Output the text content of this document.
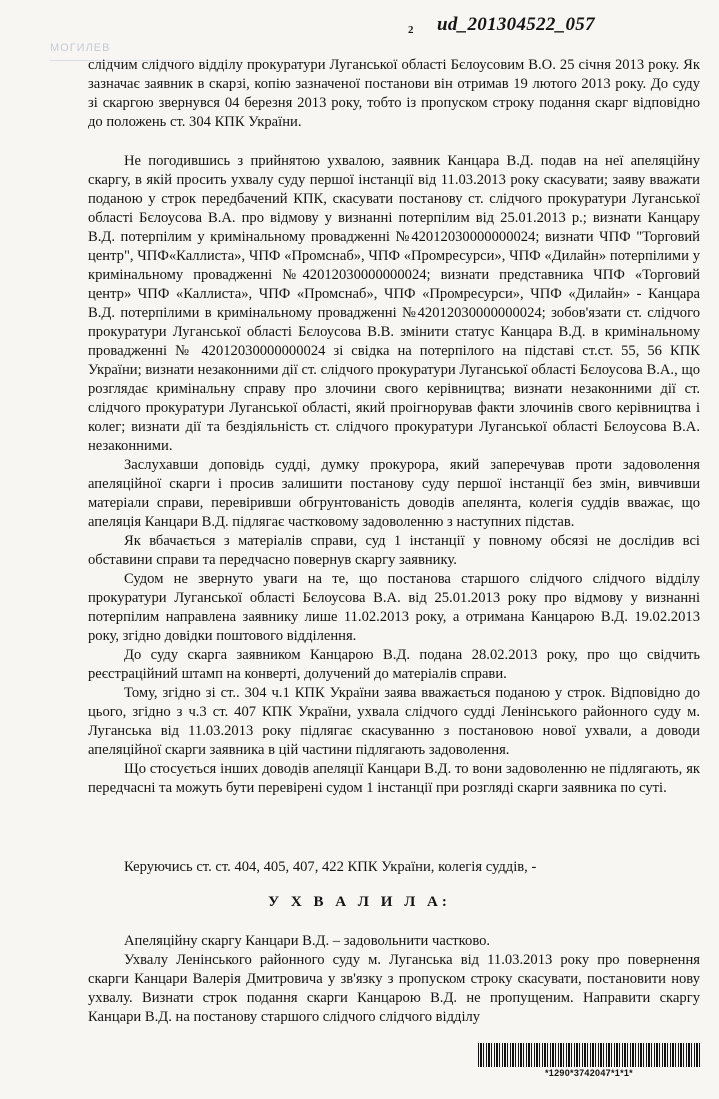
МОГИЛЕВ
2 ud_201304522_057

слідчим слідчого відділу прокуратури Луганської області Бєлоусовим В.О. 25 січня 2013 року. Як зазначає заявник в скарзі, копію зазначеної постанови він отримав 19 лютого 2013 року. До суду зі скаргою звернувся 04 березня 2013 року, тобто із пропуском строку подання скарг відповідно до положень ст. 304 КПК України.

Не погодившись з прийнятою ухвалою, заявник Канцара В.Д. подав на неї апеляційну скаргу, в якій просить ухвалу суду першої інстанції від 11.03.2013 року скасувати; заяву вважати поданою у строк передбачений КПК, скасувати постанову ст. слідчого прокуратури Луганської області Бєлоусова В.А. про відмову у визнанні потерпілим від 25.01.2013 р.; визнати Канцару В.Д. потерпілим у кримінальному провадженні №42012030000000024; визнати ЧПФ "Торговий центр", ЧПФ«Каллиста», ЧПФ «Промснаб», ЧПФ «Промресурси», ЧПФ «Дилайн» потерпілими у кримінальному провадженні №42012030000000024; визнати представника ЧПФ «Торговий центр» ЧПФ «Каллиста», ЧПФ «Промснаб», ЧПФ «Промресурси», ЧПФ «Дилайн» - Канцара В.Д. потерпілими в кримінальному провадженні №42012030000000024; зобов'язати ст. слідчого прокуратури Луганської області Бєлоусова В.В. змінити статус Канцара В.Д. в кримінальному провадженні № 42012030000000024 зі свідка на потерпілого на підставі ст.ст. 55, 56 КПК України; визнати незаконними дії ст. слідчого прокуратури Луганської області Бєлоусова В.А., що розглядає кримінальну справу про злочини свого керівництва; визнати незаконними дії ст. слідчого прокуратури Луганської області, який проігнорував факти злочинів свого керівництва і колег; визнати дії та бездіяльність ст. слідчого прокуратури Луганської області Бєлоусова В.А. незаконними.

Заслухавши доповідь судді, думку прокурора, який заперечував проти задоволення апеляційної скарги і просив залишити постанову суду першої інстанції без змін, вивчивши матеріали справи, перевіривши обгрунтованість доводів апелянта, колегія суддів вважає, що апеляція Канцари В.Д. підлягає частковому задоволенню з наступних підстав.

Як вбачається з матеріалів справи, суд 1 інстанції у повному обсязі не дослідив всі обставини справи та передчасно повернув скаргу заявнику.

Судом не звернуто уваги на те, що постанова старшого слідчого слідчого відділу прокуратури Луганської області Бєлоусова В.А. від 25.01.2013 року про відмову у визнанні потерпілим направлена заявнику лише 11.02.2013 року, а отримана Канцарою В.Д. 19.02.2013 року, згідно довідки поштового відділення.

До суду скарга заявником Канцарою В.Д. подана 28.02.2013 року, про що свідчить реєстраційний штамп на конверті, долучений до матеріалів справи.

Тому, згідно зі ст.. 304 ч.1 КПК України заява вважається поданою у строк. Відповідно до цього, згідно з ч.3 ст. 407 КПК України, ухвала слідчого судді Ленінського районного суду м. Луганська від 11.03.2013 року підлягає скасуванню з постановою нової ухвали, а доводи апеляційної скарги заявника в цій частини підлягають задоволення.

Що стосується інших доводів апеляції Канцари В.Д. то вони задоволенню не підлягають, як передчасні та можуть бути перевірені судом 1 інстанції при розгляді скарги заявника по суті.

Керуючись ст. ст. 404, 405, 407, 422 КПК України, колегія суддів, -

У Х В А Л И Л А:

Апеляційну скаргу Канцари В.Д. – задовольнити частково.

Ухвалу Ленінського районного суду м. Луганська від 11.03.2013 року про повернення скарги Канцари Валерія Дмитровича у зв'язку з пропуском строку скасувати, постановити нову ухвалу. Визнати строк подання скарги Канцарою В.Д. не пропущеним. Направити скаргу Канцари В.Д. на постанову старшого слідчого слідчого відділу

*1290*3742047*1*1*
